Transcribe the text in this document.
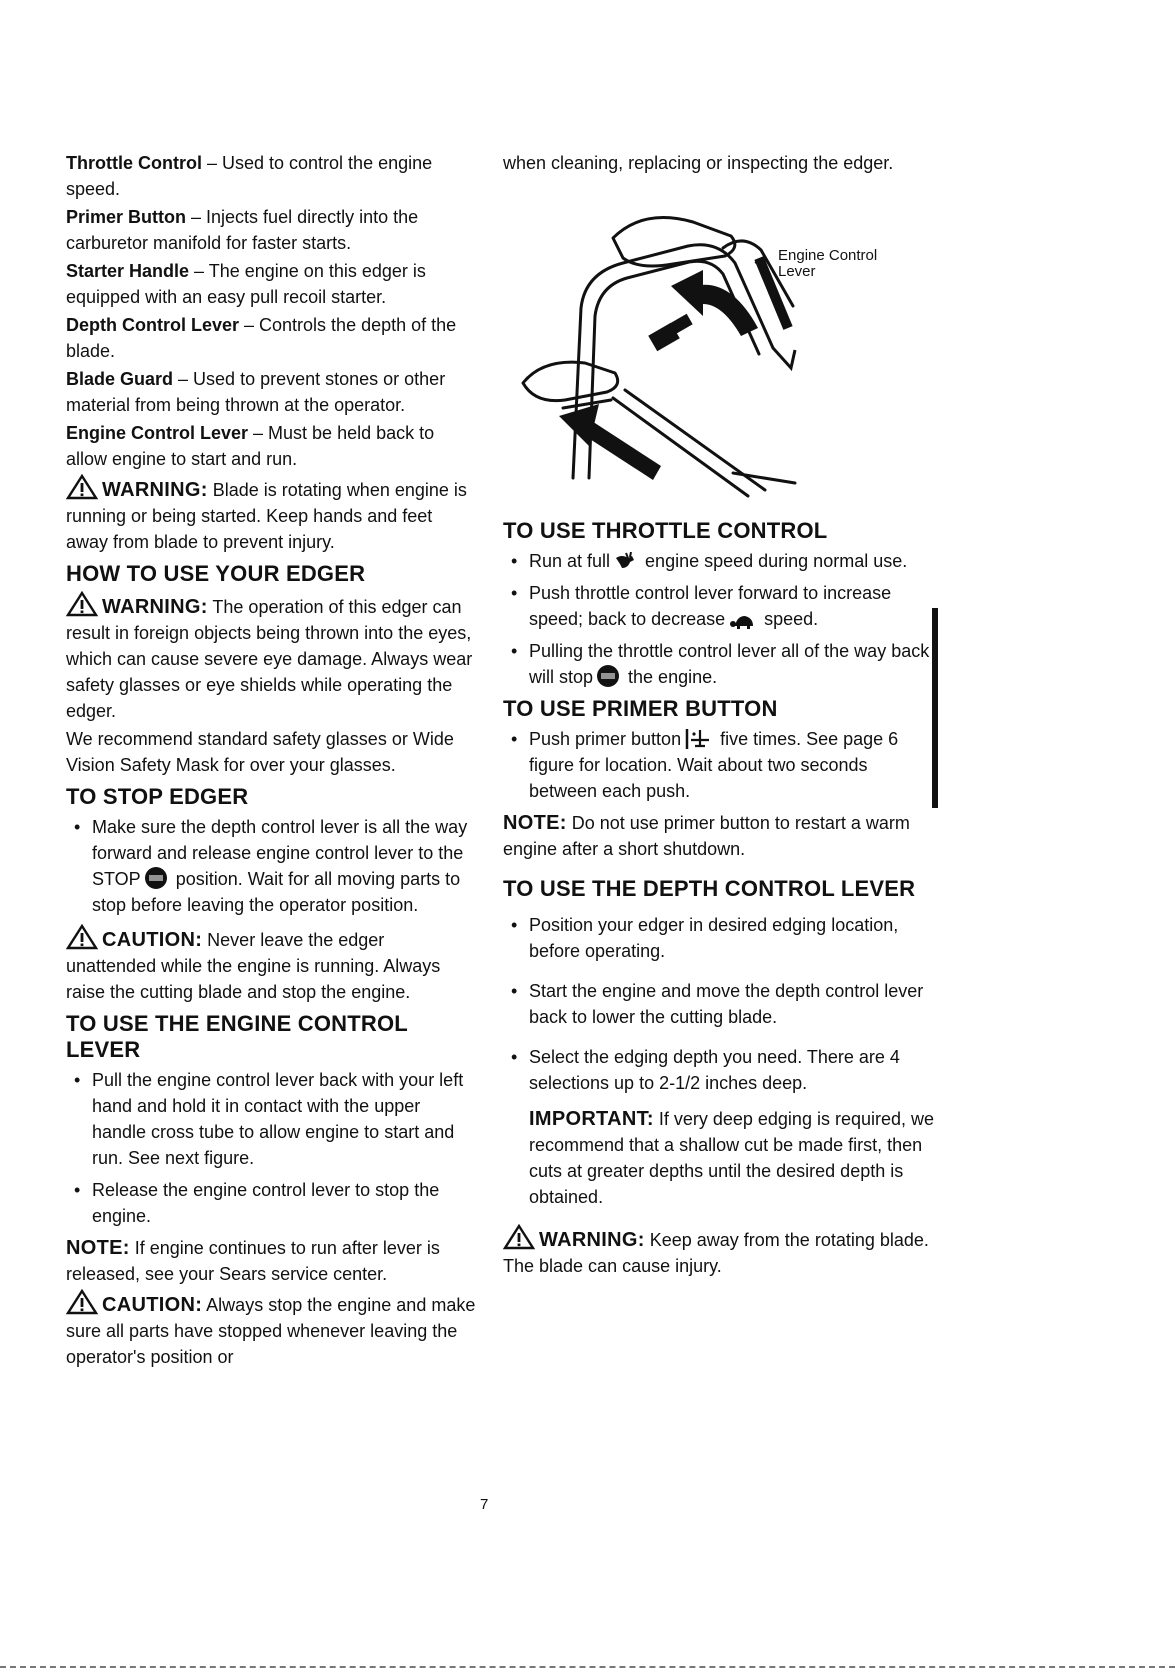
Throttle Control – Used to control the engine speed.

Primer Button – Injects fuel directly into the carburetor manifold for faster starts.

Starter Handle – The engine on this edger is equipped with an easy pull recoil starter.

Depth Control Lever – Controls the depth of the blade.

Blade Guard – Used to prevent stones or other material from being thrown at the operator.

Engine Control Lever – Must be held back to allow engine to start and run.

WARNING: Blade is rotating when engine is running or being started. Keep hands and feet away from blade to prevent injury.

HOW TO USE YOUR EDGER

WARNING: The operation of this edger can result in foreign objects being thrown into the eyes, which can cause severe eye damage. Always wear safety glasses or eye shields while operating the edger.

We recommend standard safety glasses or Wide Vision Safety Mask for over your glasses.

TO STOP EDGER
• Make sure the depth control lever is all the way forward and release engine control lever to the STOP position. Wait for all moving parts to stop before leaving the operator position.

CAUTION: Never leave the edger unattended while the engine is running. Always raise the cutting blade and stop the engine.

TO USE THE ENGINE CONTROL LEVER
• Pull the engine control lever back with your left hand and hold it in contact with the upper handle cross tube to allow engine to start and run. See next figure.
• Release the engine control lever to stop the engine.

NOTE: If engine continues to run after lever is released, see your Sears service center.

CAUTION: Always stop the engine and make sure all parts have stopped whenever leaving the operator's position or

when cleaning, replacing or inspecting the edger.

Engine Control
Lever
TO USE THROTTLE CONTROL
• Run at full engine speed during normal use.
• Push throttle control lever forward to increase speed; back to decrease speed.
• Pulling the throttle control lever all of the way back will stop the engine.
TO USE PRIMER BUTTON
• Push primer button five times. See page 6 figure for location. Wait about two seconds between each push.

NOTE: Do not use primer button to restart a warm engine after a short shutdown.

TO USE THE DEPTH CONTROL LEVER
• Position your edger in desired edging location, before operating.
• Start the engine and move the depth control lever back to lower the cutting blade.
• Select the edging depth you need. There are 4 selections up to 2-1/2 inches deep.

IMPORTANT: If very deep edging is required, we recommend that a shallow cut be made first, then cuts at greater depths until the desired depth is obtained.

WARNING: Keep away from the rotating blade. The blade can cause injury.

7
